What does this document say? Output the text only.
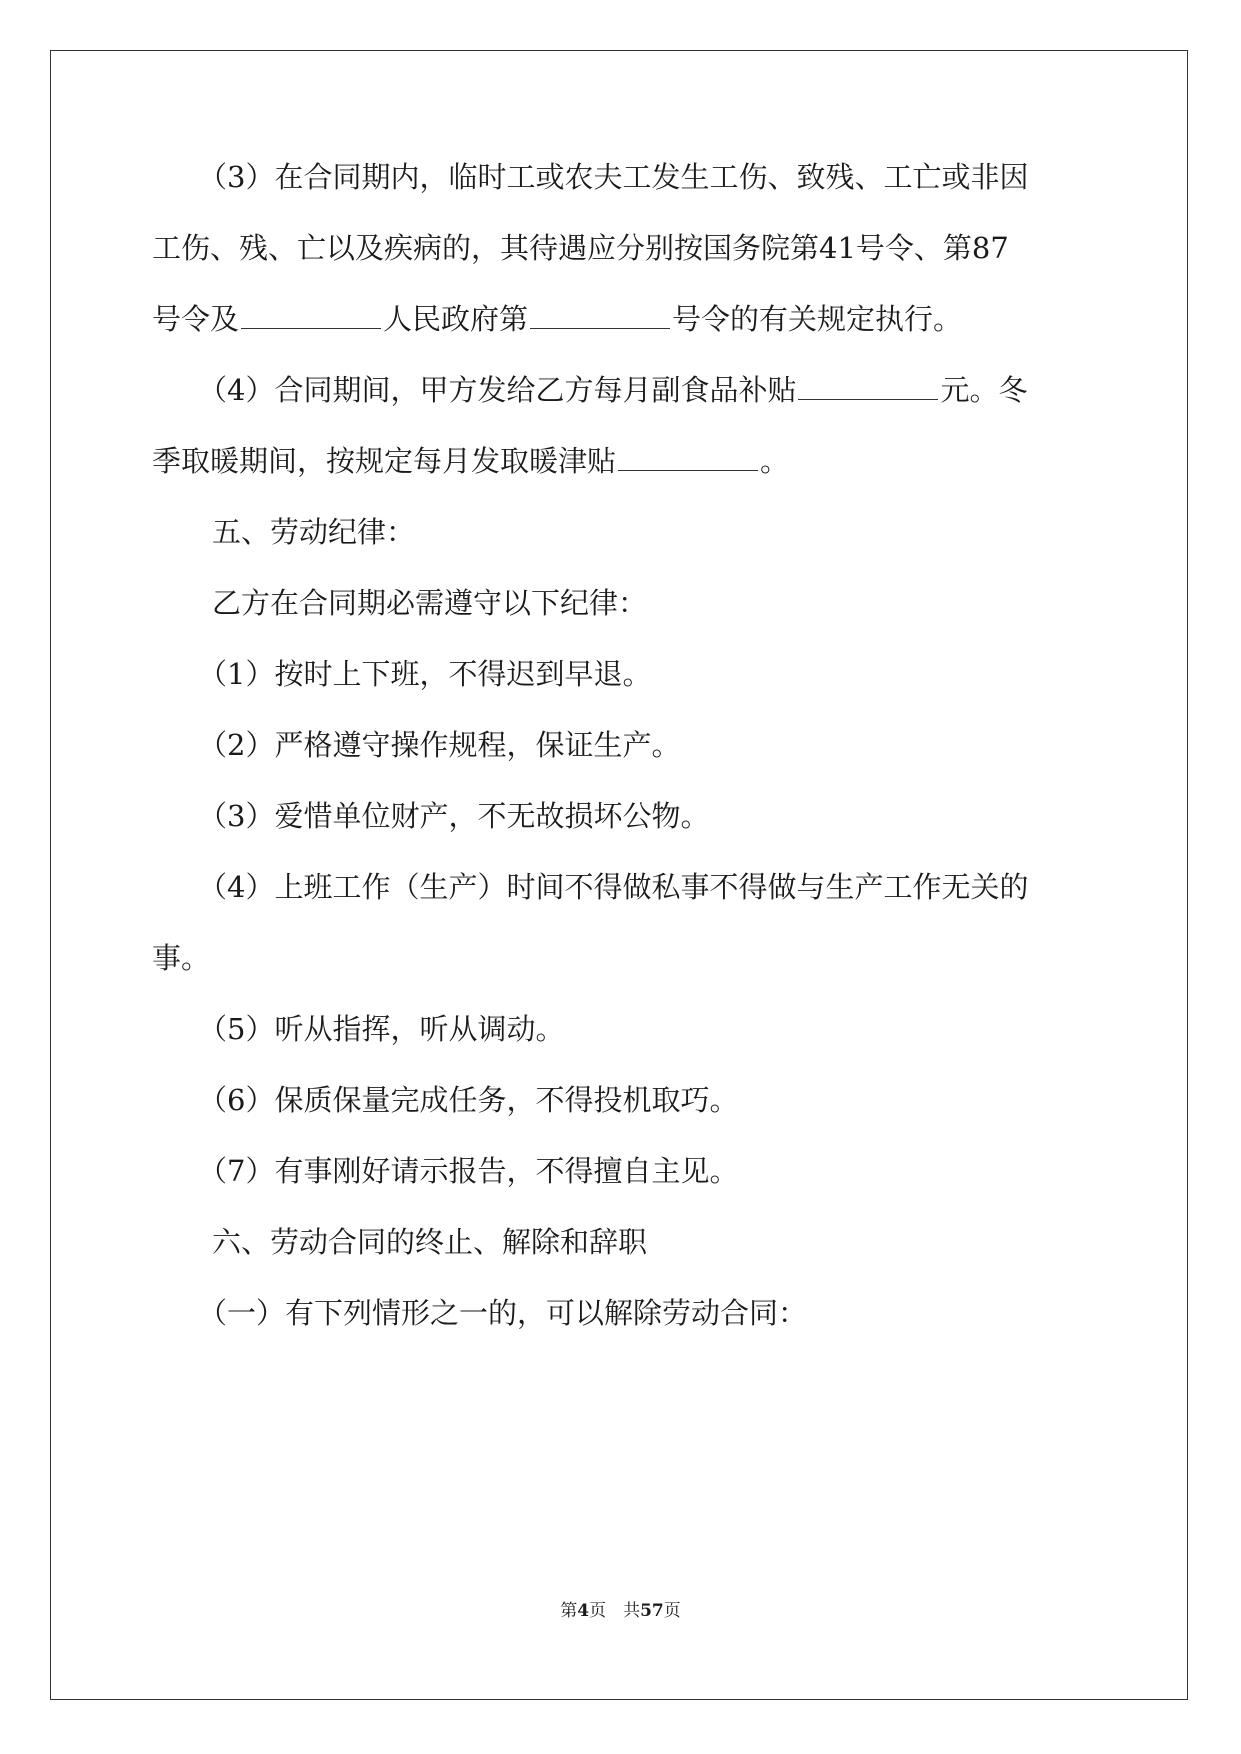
（3）在合同期内，临时工或农夫工发生工伤、致残、工亡或非因

工伤、残、亡以及疾病的，其待遇应分别按国务院第41号令、第87

号令及	人民政府第	号令的有关规定执行。

（4）合同期间，甲方发给乙方每月副食品补贴	元。冬

季取暖期间，按规定每月发取暖津贴	。

五、劳动纪律：

乙方在合同期必需遵守以下纪律：

（1）按时上下班，不得迟到早退。

（2）严格遵守操作规程，保证生产。

（3）爱惜单位财产，不无故损坏公物。

（4）上班工作（生产）时间不得做私事不得做与生产工作无关的

事。

（5）听从指挥，听从调动。

（6）保质保量完成任务，不得投机取巧。

（7）有事刚好请示报告，不得擅自主见。

六、劳动合同的终止、解除和辞职

（一）有下列情形之一的，可以解除劳动合同：

第4页　共57页
